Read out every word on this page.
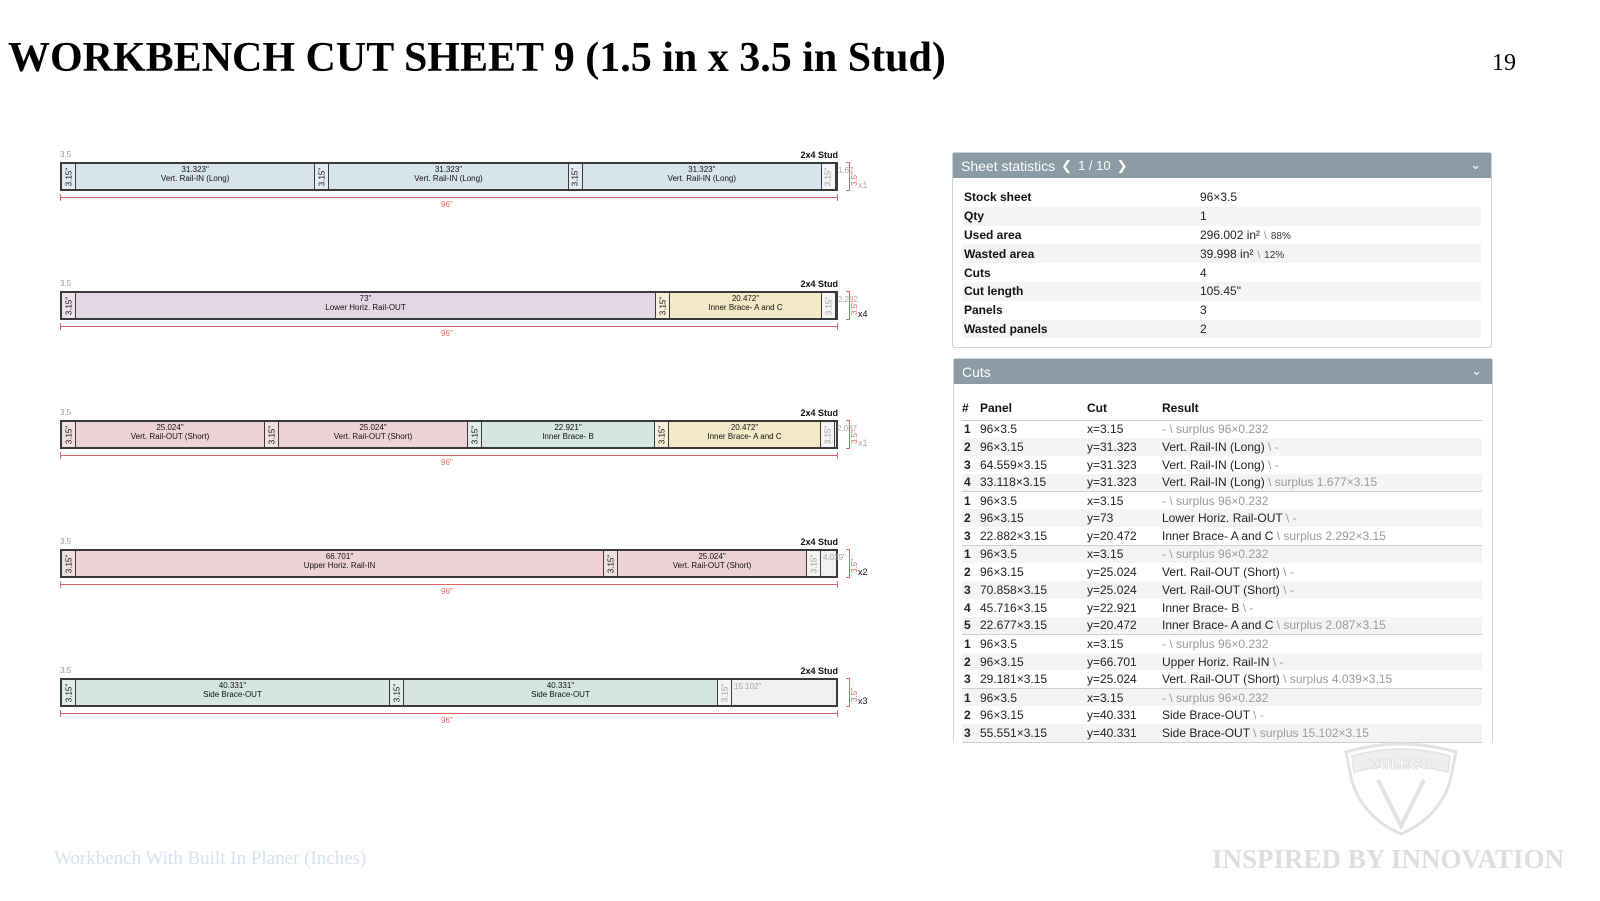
WORKBENCH CUT SHEET 9 (1.5 in x 3.5 in Stud)	19
3.5	2x4 Stud
3.15"	31.323"
Vert. Rail-IN (Long)	3.15"	31.323"
Vert. Rail-IN (Long)	3.15"	31.323"
Vert. Rail-IN (Long)	3.15" 1.67
96"
3.5" x1
3.5	2x4 Stud
3.15"	73"
Lower Horiz. Rail-OUT	3.15"	20.472"
Inner Brace- A and C	3.15" 2.292
96"
3.5" x4
3.5	2x4 Stud
3.15"	25.024"
Vert. Rail-OUT (Short)	3.15"	25.024"
Vert. Rail-OUT (Short)	3.15"	22.921"
Inner Brace- B	3.15"	20.472"
Inner Brace- A and C	3.15" 2.087
96"
3.5" x1
3.5	2x4 Stud
3.15"	66.701"
Upper Horiz. Rail-IN	3.15"	25.024"
Vert. Rail-OUT (Short)	3.15" 4.039"
96"
3.5" x2
3.5	2x4 Stud
3.15"	40.331"
Side Brace-OUT	3.15"	40.331"
Side Brace-OUT	3.15" 15.102"
96"
3.5" x3
Sheet statistics ❮ 1 / 10 ❯	⌄
Stock sheet	96×3.5
Qty	1
Used area	296.002 in² \ 88%
Wasted area	39.998 in² \ 12%
Cuts	4
Cut length	105.45"
Panels	3
Wasted panels	2
Cuts	⌄
#	Panel	Cut	Result
1	96×3.5	x=3.15	- \ surplus 96×0.232
2	96×3.15	y=31.323	Vert. Rail-IN (Long) \ -
3	64.559×3.15	y=31.323	Vert. Rail-IN (Long) \ -
4	33.118×3.15	y=31.323	Vert. Rail-IN (Long) \ surplus 1.677×3.15
1	96×3.5	x=3.15	- \ surplus 96×0.232
2	96×3.15	y=73	Lower Horiz. Rail-OUT \ -
3	22.882×3.15	y=20.472	Inner Brace- A and C \ surplus 2.292×3.15
1	96×3.5	x=3.15	- \ surplus 96×0.232
2	96×3.15	y=25.024	Vert. Rail-OUT (Short) \ -
3	70.858×3.15	y=25.024	Vert. Rail-OUT (Short) \ -
4	45.716×3.15	y=22.921	Inner Brace- B \ -
5	22.677×3.15	y=20.472	Inner Brace- A and C \ surplus 2.087×3.15
1	96×3.5	x=3.15	- \ surplus 96×0.232
2	96×3.15	y=66.701	Upper Horiz. Rail-IN \ -
3	29.181×3.15	y=25.024	Vert. Rail-OUT (Short) \ surplus 4.039×3.15
1	96×3.5	x=3.15	- \ surplus 96×0.232
2	96×3.15	y=40.331	Side Brace-OUT \ -
3	55.551×3.15	y=40.331	Side Brace-OUT \ surplus 15.102×3.15
VULECO
Workbench With Built In Planer (Inches)	INSPIRED BY INNOVATION
